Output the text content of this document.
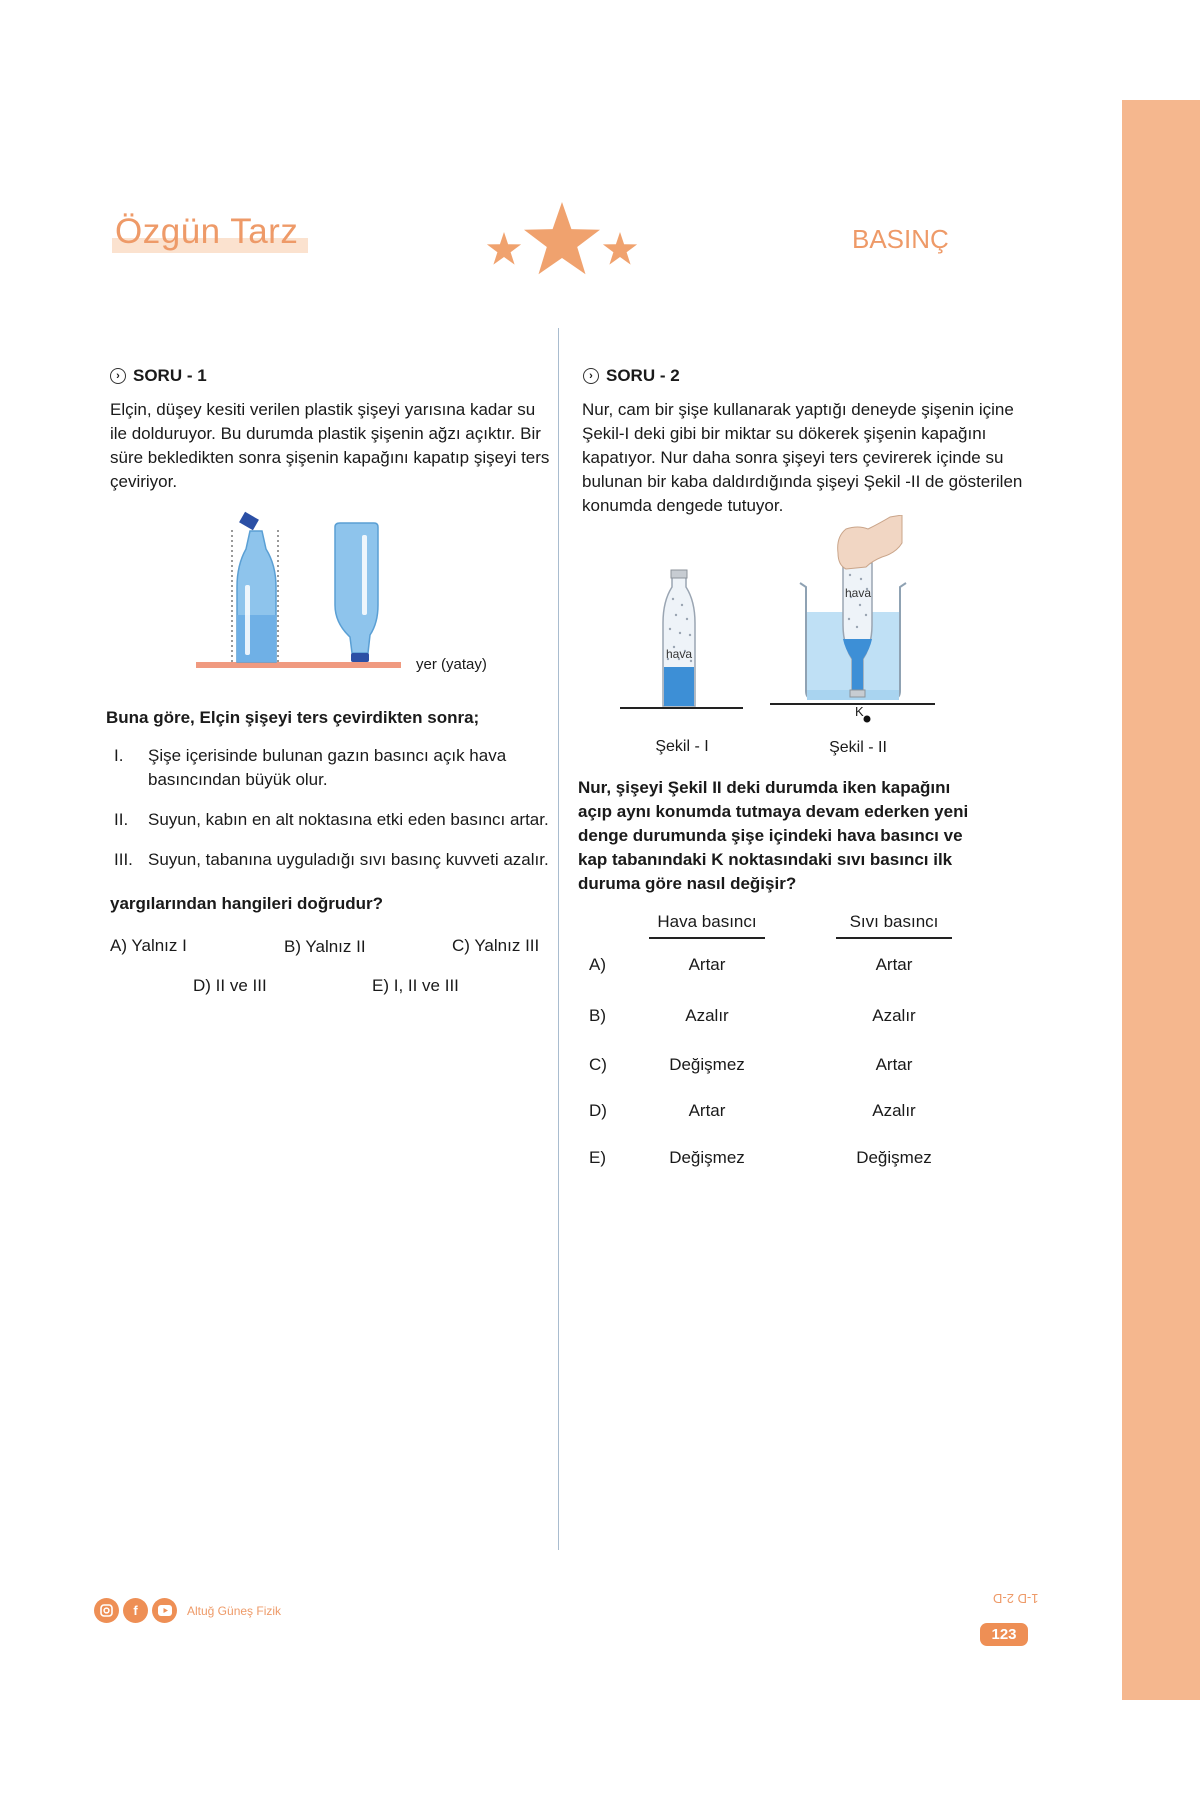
Özgün Tarz	BASINÇ
› SORU - 1
Elçin, düşey kesiti verilen plastik şişeyi yarısına kadar su ile dolduruyor. Bu durumda plastik şişenin ağzı açıktır. Bir süre bekledikten sonra şişenin kapağını kapatıp şişeyi ters çeviriyor.
yer (yatay)
Buna göre, Elçin şişeyi ters çevirdikten sonra;
I.	Şişe içerisinde bulunan gazın basıncı açık hava basıncından büyük olur.
II.	Suyun, kabın en alt noktasına etki eden basıncı artar.
III. Suyun, tabanına uyguladığı sıvı basınç kuvveti azalır.
yargılarından hangileri doğrudur?
A) Yalnız I	B) Yalnız II	C) Yalnız III
D) II ve III	E) I, II ve III
› SORU - 2
Nur, cam bir şişe kullanarak yaptığı deneyde şişenin içine Şekil-I deki gibi bir miktar su dökerek şişenin kapağını kapatıyor. Nur daha sonra şişeyi ters çevirerek içinde su bulunan bir kaba daldırdığında şişeyi Şekil -II de gösterilen konumda dengede tutuyor.
hava
Şekil - I
hava
K
Şekil - II
Nur, şişeyi Şekil II deki durumda iken kapağını açıp aynı konumda tutmaya devam ederken yeni denge durumunda şişe içindeki hava basıncı ve kap tabanındaki K noktasındaki sıvı basıncı ilk duruma göre nasıl değişir?
Hava basıncı	Sıvı basıncı
A)	Artar	Artar
B)	Azalır	Azalır
C)	Değişmez	Artar
D)	Artar	Azalır
E)	Değişmez	Değişmez
f	Altuğ Güneş Fizik
1-D 2-D
123
